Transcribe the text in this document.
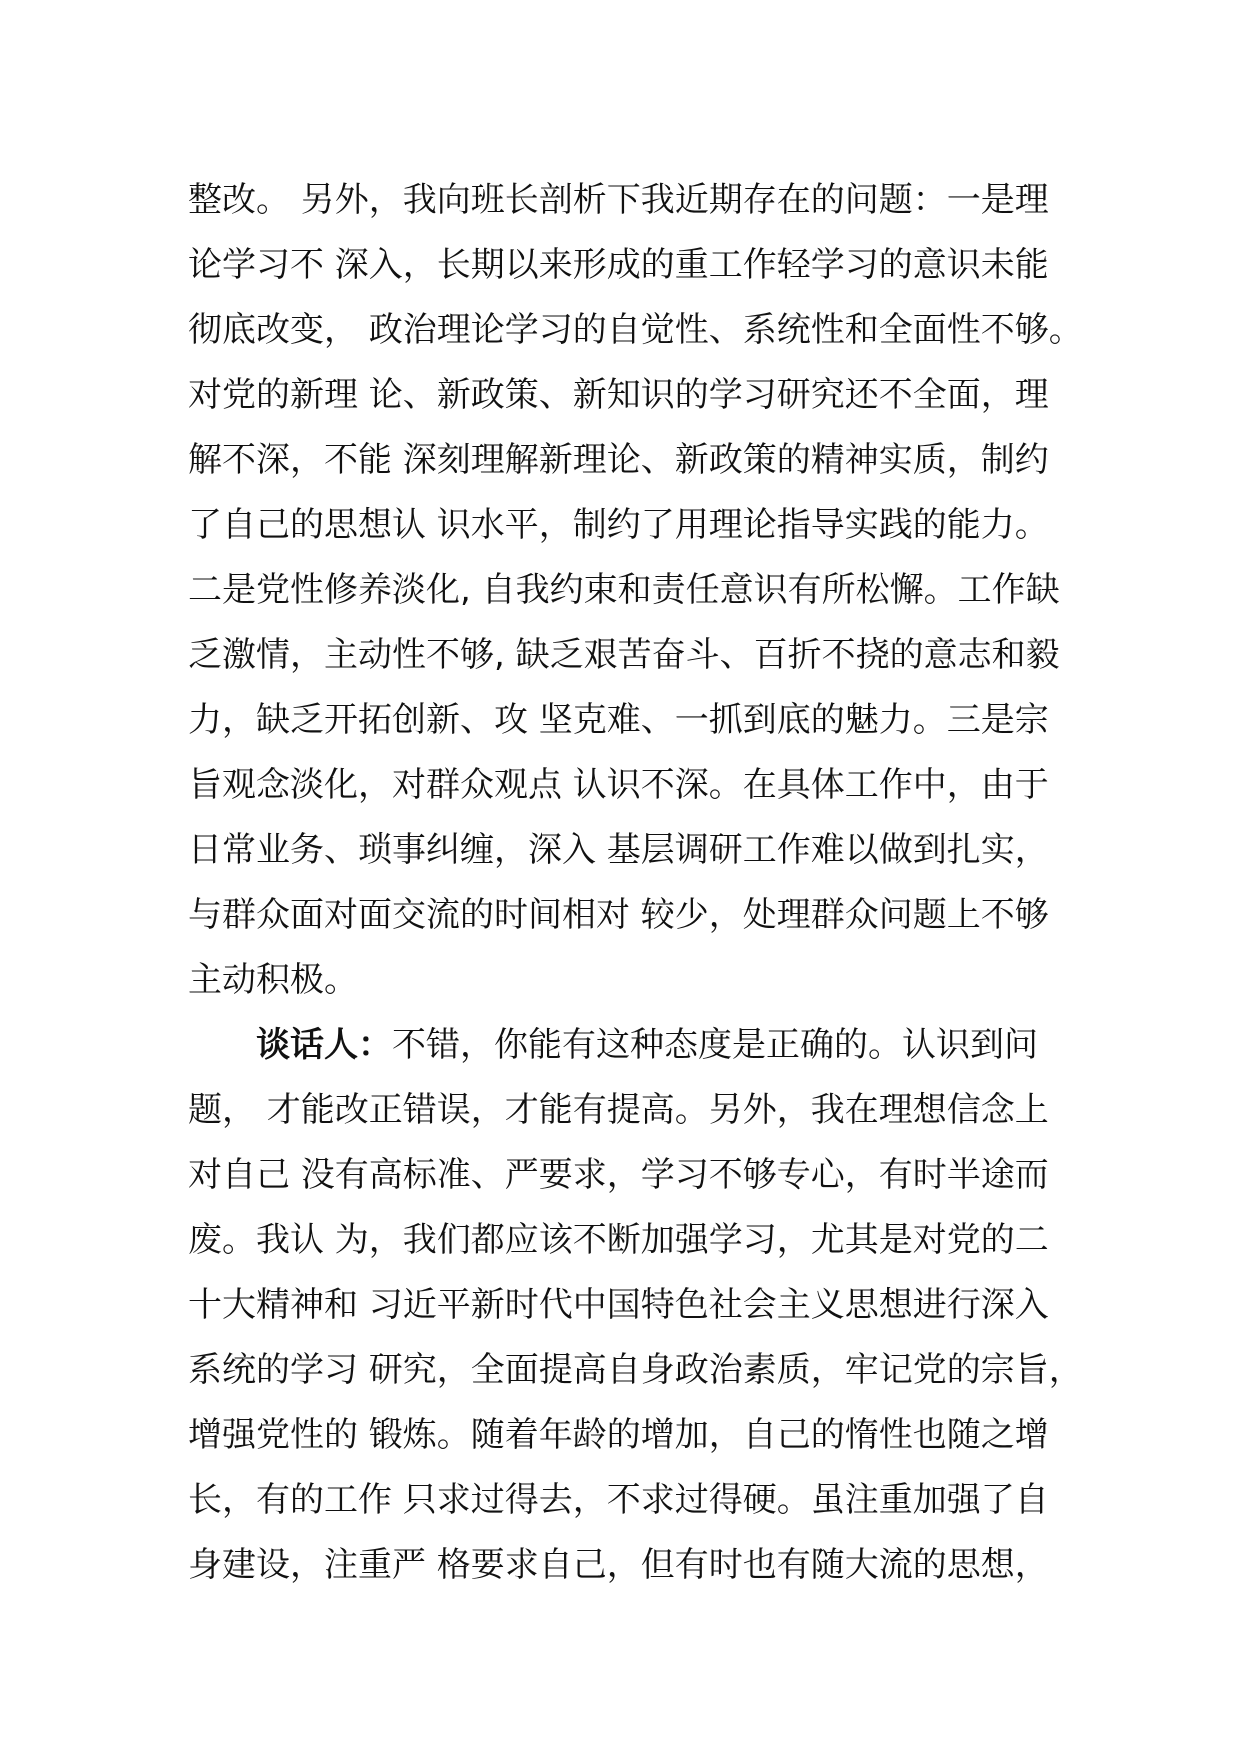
整改。 另外，我向班长剖析下我近期存在的问题：一是理

论学习不 深入，长期以来形成的重工作轻学习的意识未能

彻底改变， 政治理论学习的自觉性、系统性和全面性不够。

对党的新理 论、新政策、新知识的学习研究还不全面，理

解不深，不能 深刻理解新理论、新政策的精神实质，制约

了自己的思想认 识水平，制约了用理论指导实践的能力。

二是党性修养淡化, 自我约束和责任意识有所松懈。工作缺

乏激情，主动性不够, 缺乏艰苦奋斗、百折不挠的意志和毅

力，缺乏开拓创新、攻 坚克难、一抓到底的魅力。三是宗

旨观念淡化，对群众观点 认识不深。在具体工作中，由于

日常业务、琐事纠缠，深入 基层调研工作难以做到扎实，

与群众面对面交流的时间相对 较少，处理群众问题上不够

主动积极。

谈话人：不错，你能有这种态度是正确的。认识到问

题， 才能改正错误，才能有提高。另外，我在理想信念上

对自己 没有高标准、严要求，学习不够专心，有时半途而

废。我认 为，我们都应该不断加强学习，尤其是对党的二

十大精神和 习近平新时代中国特色社会主义思想进行深入

系统的学习 研究，全面提高自身政治素质，牢记党的宗旨，

增强党性的 锻炼。随着年龄的增加，自己的惰性也随之增

长，有的工作 只求过得去，不求过得硬。虽注重加强了自

身建设，注重严 格要求自己，但有时也有随大流的思想，
